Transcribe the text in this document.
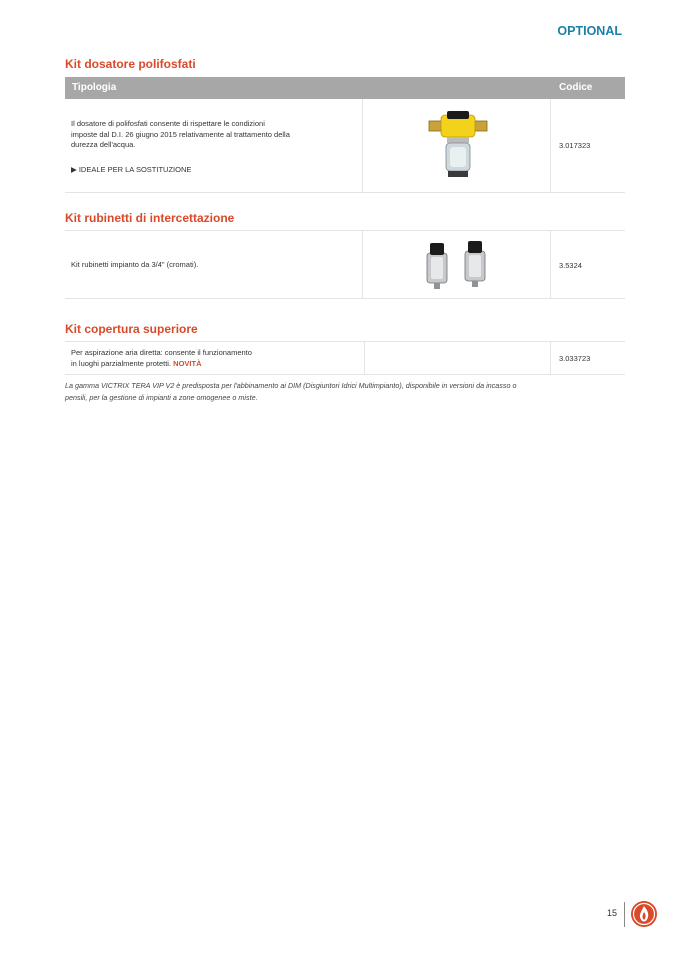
OPTIONAL
Kit dosatore polifosfati
Tipologia	Codice
Il dosatore di polifosfati consente di rispettare le condizioni
imposte dal D.I. 26 giugno 2015 relativamente al trattamento della
durezza dell'acqua.
▶ IDEALE PER LA SOSTITUZIONE
3.017323
Kit rubinetti di intercettazione
Kit rubinetti impianto da 3/4" (cromati).	3.5324
Kit copertura superiore
Per aspirazione aria diretta: consente il funzionamento
in luoghi parzialmente protetti. NOVITÀ	3.033723
La gamma VICTRIX TERA VIP V2 è predisposta per l'abbinamento ai DIM (Disgiuntori Idrici Multimpianto), disponibile in versioni da incasso o
pensili, per la gestione di impianti a zone omogenee o miste.
15
